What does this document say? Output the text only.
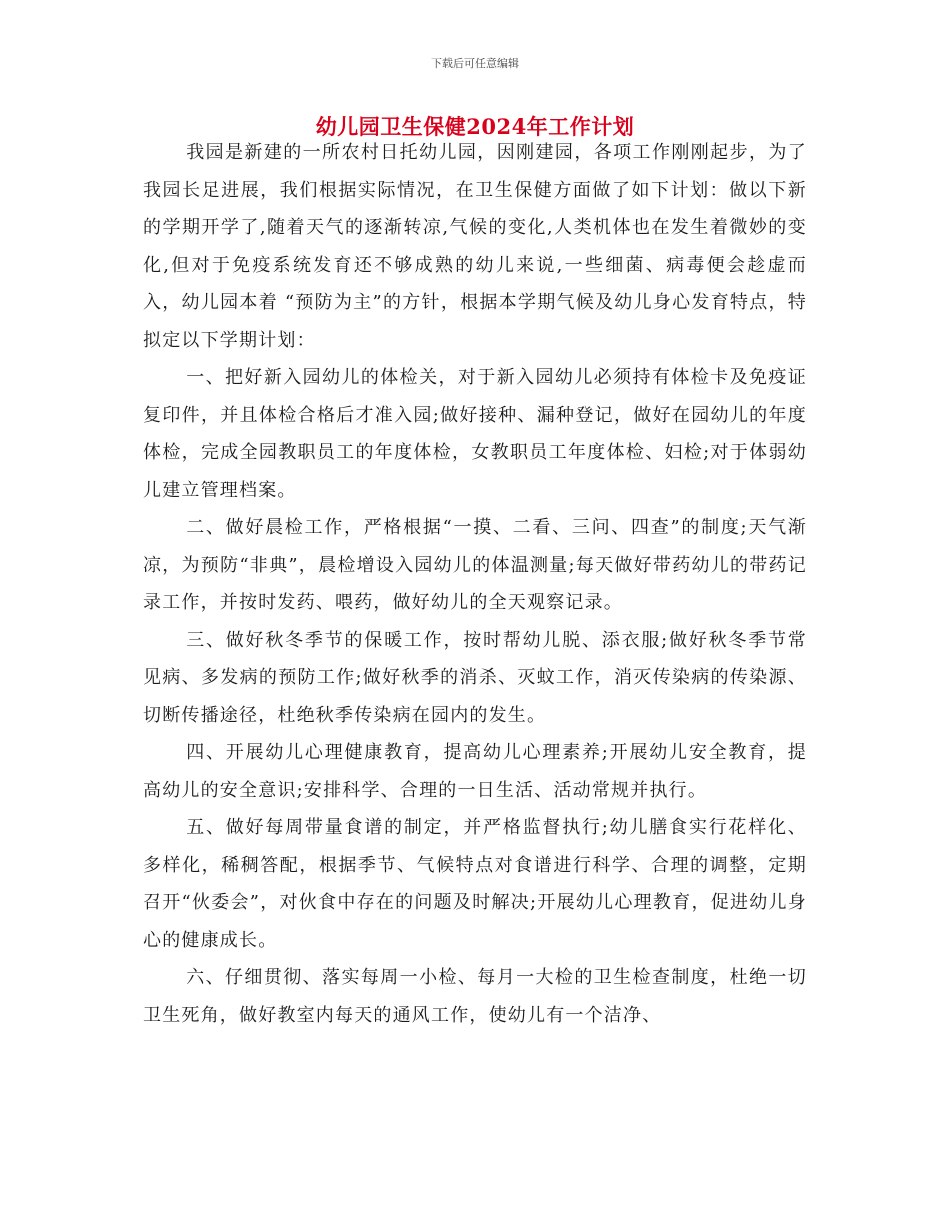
下载后可任意编辑
幼儿园卫生保健2024年工作计划

我园是新建的一所农村日托幼儿园，因刚建园，各项工作刚刚起步，为了我园长足进展，我们根据实际情况，在卫生保健方面做了如下计划：做以下新的学期开学了,随着天气的逐渐转凉,气候的变化,人类机体也在发生着微妙的变化,但对于免疫系统发育还不够成熟的幼儿来说,一些细菌、病毒便会趁虚而入，幼儿园本着 “预防为主”的方针，根据本学期气候及幼儿身心发育特点，特拟定以下学期计划：

一、把好新入园幼儿的体检关，对于新入园幼儿必须持有体检卡及免疫证复印件，并且体检合格后才准入园;做好接种、漏种登记，做好在园幼儿的年度体检，完成全园教职员工的年度体检，女教职员工年度体检、妇检;对于体弱幼儿建立管理档案。

二、做好晨检工作，严格根据“一摸、二看、三问、四查”的制度;天气渐凉，为预防“非典”，晨检增设入园幼儿的体温测量;每天做好带药幼儿的带药记录工作，并按时发药、喂药，做好幼儿的全天观察记录。

三、做好秋冬季节的保暖工作，按时帮幼儿脱、添衣服;做好秋冬季节常见病、多发病的预防工作;做好秋季的消杀、灭蚊工作，消灭传染病的传染源、切断传播途径，杜绝秋季传染病在园内的发生。

四、开展幼儿心理健康教育，提高幼儿心理素养;开展幼儿安全教育，提高幼儿的安全意识;安排科学、合理的一日生活、活动常规并执行。

五、做好每周带量食谱的制定，并严格监督执行;幼儿膳食实行花样化、多样化，稀稠答配，根据季节、气候特点对食谱进行科学、合理的调整，定期召开“伙委会”，对伙食中存在的问题及时解决;开展幼儿心理教育，促进幼儿身心的健康成长。

六、仔细贯彻、落实每周一小检、每月一大检的卫生检查制度，杜绝一切卫生死角，做好教室内每天的通风工作，使幼儿有一个洁净、
